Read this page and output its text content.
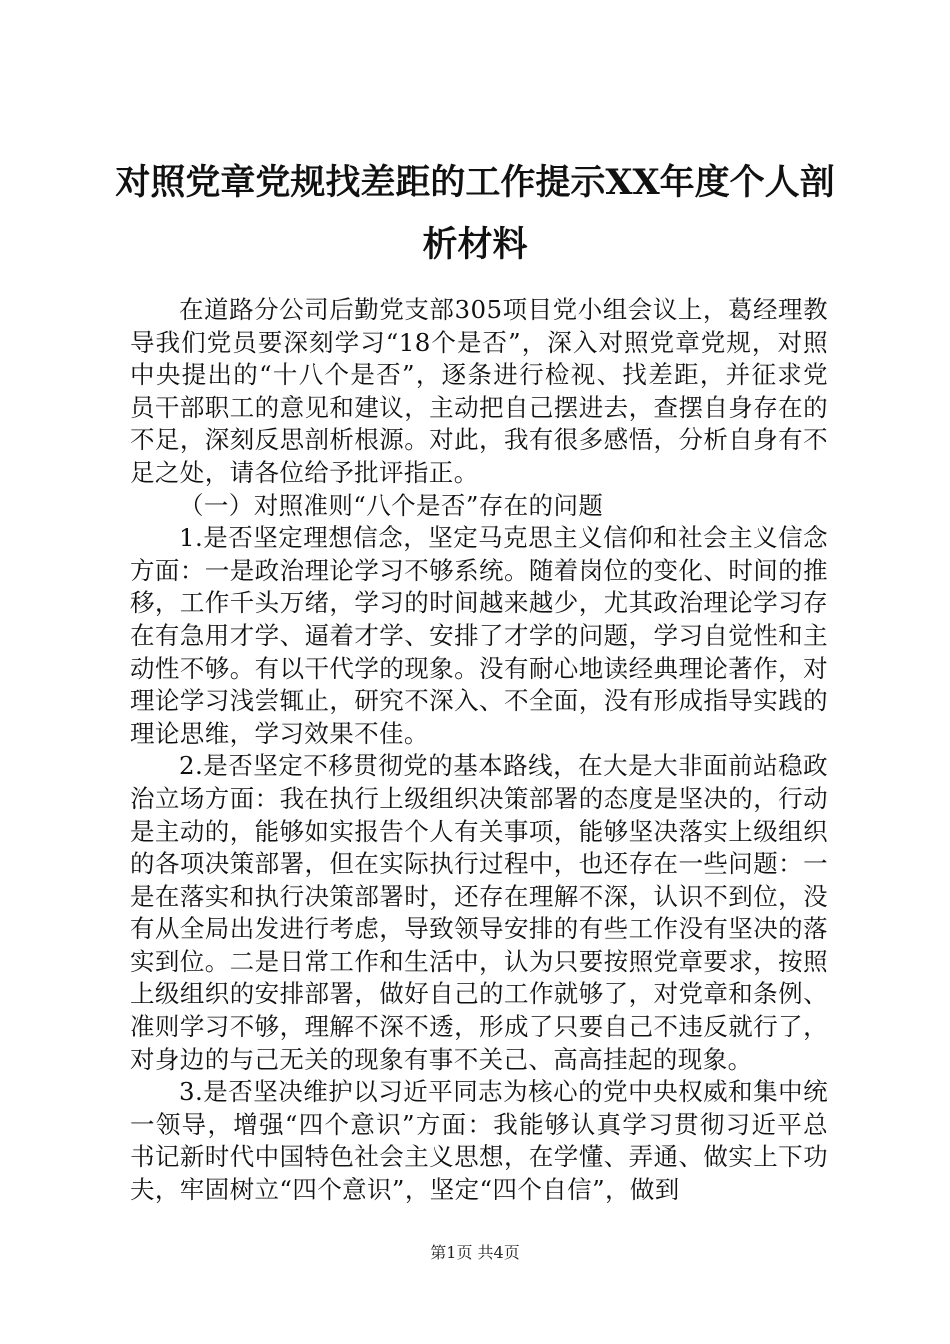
对照党章党规找差距的工作提示XX年度个人剖析材料

在道路分公司后勤党支部305项目党小组会议上，葛经理教导我们党员要深刻学习“18个是否”，深入对照党章党规，对照中央提出的“十八个是否”，逐条进行检视、找差距，并征求党员干部职工的意见和建议，主动把自己摆进去，查摆自身存在的不足，深刻反思剖析根源。对此，我有很多感悟，分析自身有不足之处，请各位给予批评指正。

（一）对照准则“八个是否”存在的问题

1.是否坚定理想信念，坚定马克思主义信仰和社会主义信念方面：一是政治理论学习不够系统。随着岗位的变化、时间的推移，工作千头万绪，学习的时间越来越少，尤其政治理论学习存在有急用才学、逼着才学、安排了才学的问题，学习自觉性和主动性不够。有以干代学的现象。没有耐心地读经典理论著作，对理论学习浅尝辄止，研究不深入、不全面，没有形成指导实践的理论思维，学习效果不佳。

2.是否坚定不移贯彻党的基本路线，在大是大非面前站稳政治立场方面：我在执行上级组织决策部署的态度是坚决的，行动是主动的，能够如实报告个人有关事项，能够坚决落实上级组织的各项决策部署，但在实际执行过程中，也还存在一些问题：一是在落实和执行决策部署时，还存在理解不深，认识不到位，没有从全局出发进行考虑，导致领导安排的有些工作没有坚决的落实到位。二是日常工作和生活中，认为只要按照党章要求，按照上级组织的安排部署，做好自己的工作就够了，对党章和条例、准则学习不够，理解不深不透，形成了只要自己不违反就行了，对身边的与己无关的现象有事不关己、高高挂起的现象。

3.是否坚决维护以习近平同志为核心的党中央权威和集中统一领导，增强“四个意识”方面：我能够认真学习贯彻习近平总书记新时代中国特色社会主义思想，在学懂、弄通、做实上下功夫，牢固树立“四个意识”，坚定“四个自信”，做到

第1页 共4页
